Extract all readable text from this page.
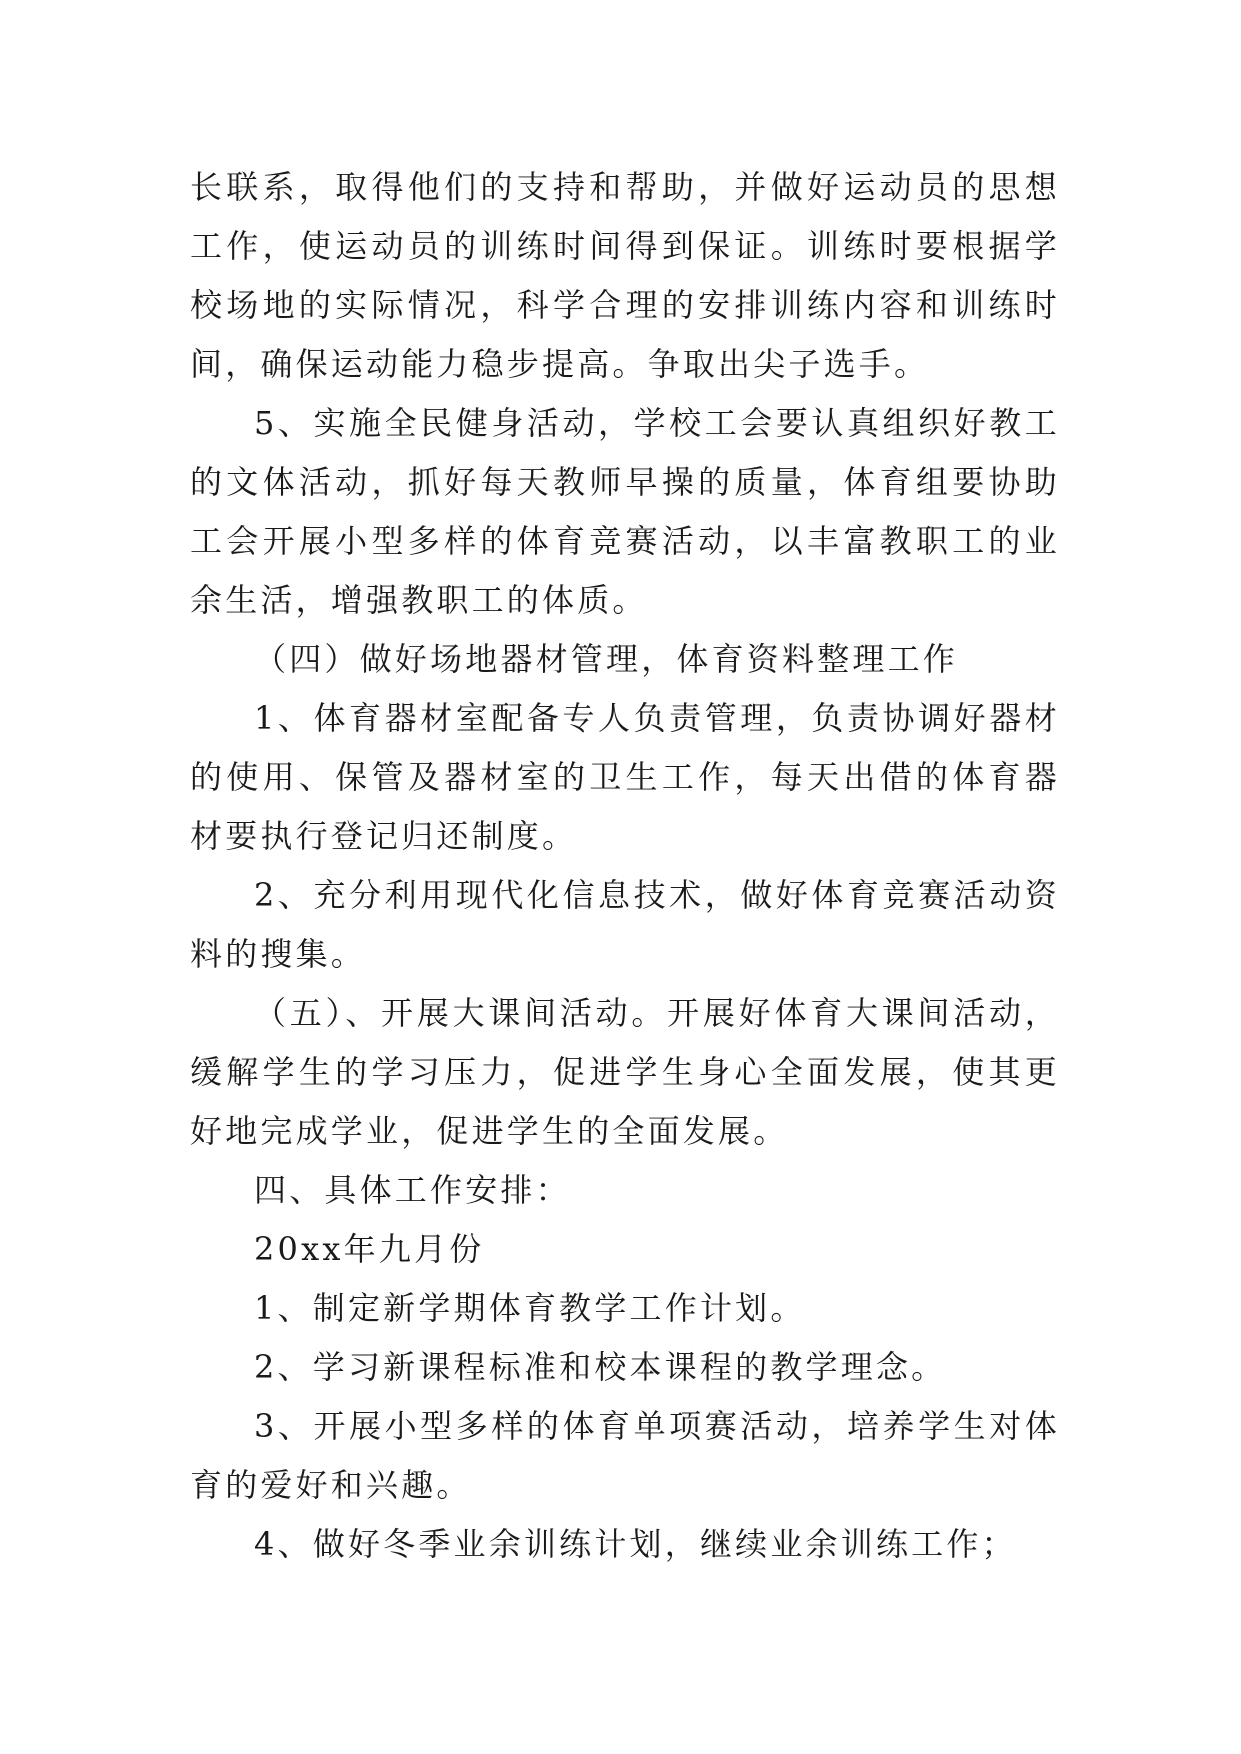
长联系，取得他们的支持和帮助，并做好运动员的思想工作，使运动员的训练时间得到保证。训练时要根据学校场地的实际情况，科学合理的安排训练内容和训练时间，确保运动能力稳步提高。争取出尖子选手。

5、实施全民健身活动，学校工会要认真组织好教工的文体活动，抓好每天教师早操的质量，体育组要协助工会开展小型多样的体育竞赛活动，以丰富教职工的业余生活，增强教职工的体质。

（四）做好场地器材管理，体育资料整理工作

1、体育器材室配备专人负责管理，负责协调好器材的使用、保管及器材室的卫生工作，每天出借的体育器材要执行登记归还制度。

2、充分利用现代化信息技术，做好体育竞赛活动资料的搜集。

（五）、开展大课间活动。开展好体育大课间活动，缓解学生的学习压力，促进学生身心全面发展，使其更好地完成学业，促进学生的全面发展。

四、具体工作安排：

20xx年九月份

1、制定新学期体育教学工作计划。

2、学习新课程标准和校本课程的教学理念。

3、开展小型多样的体育单项赛活动，培养学生对体育的爱好和兴趣。

4、做好冬季业余训练计划，继续业余训练工作；
